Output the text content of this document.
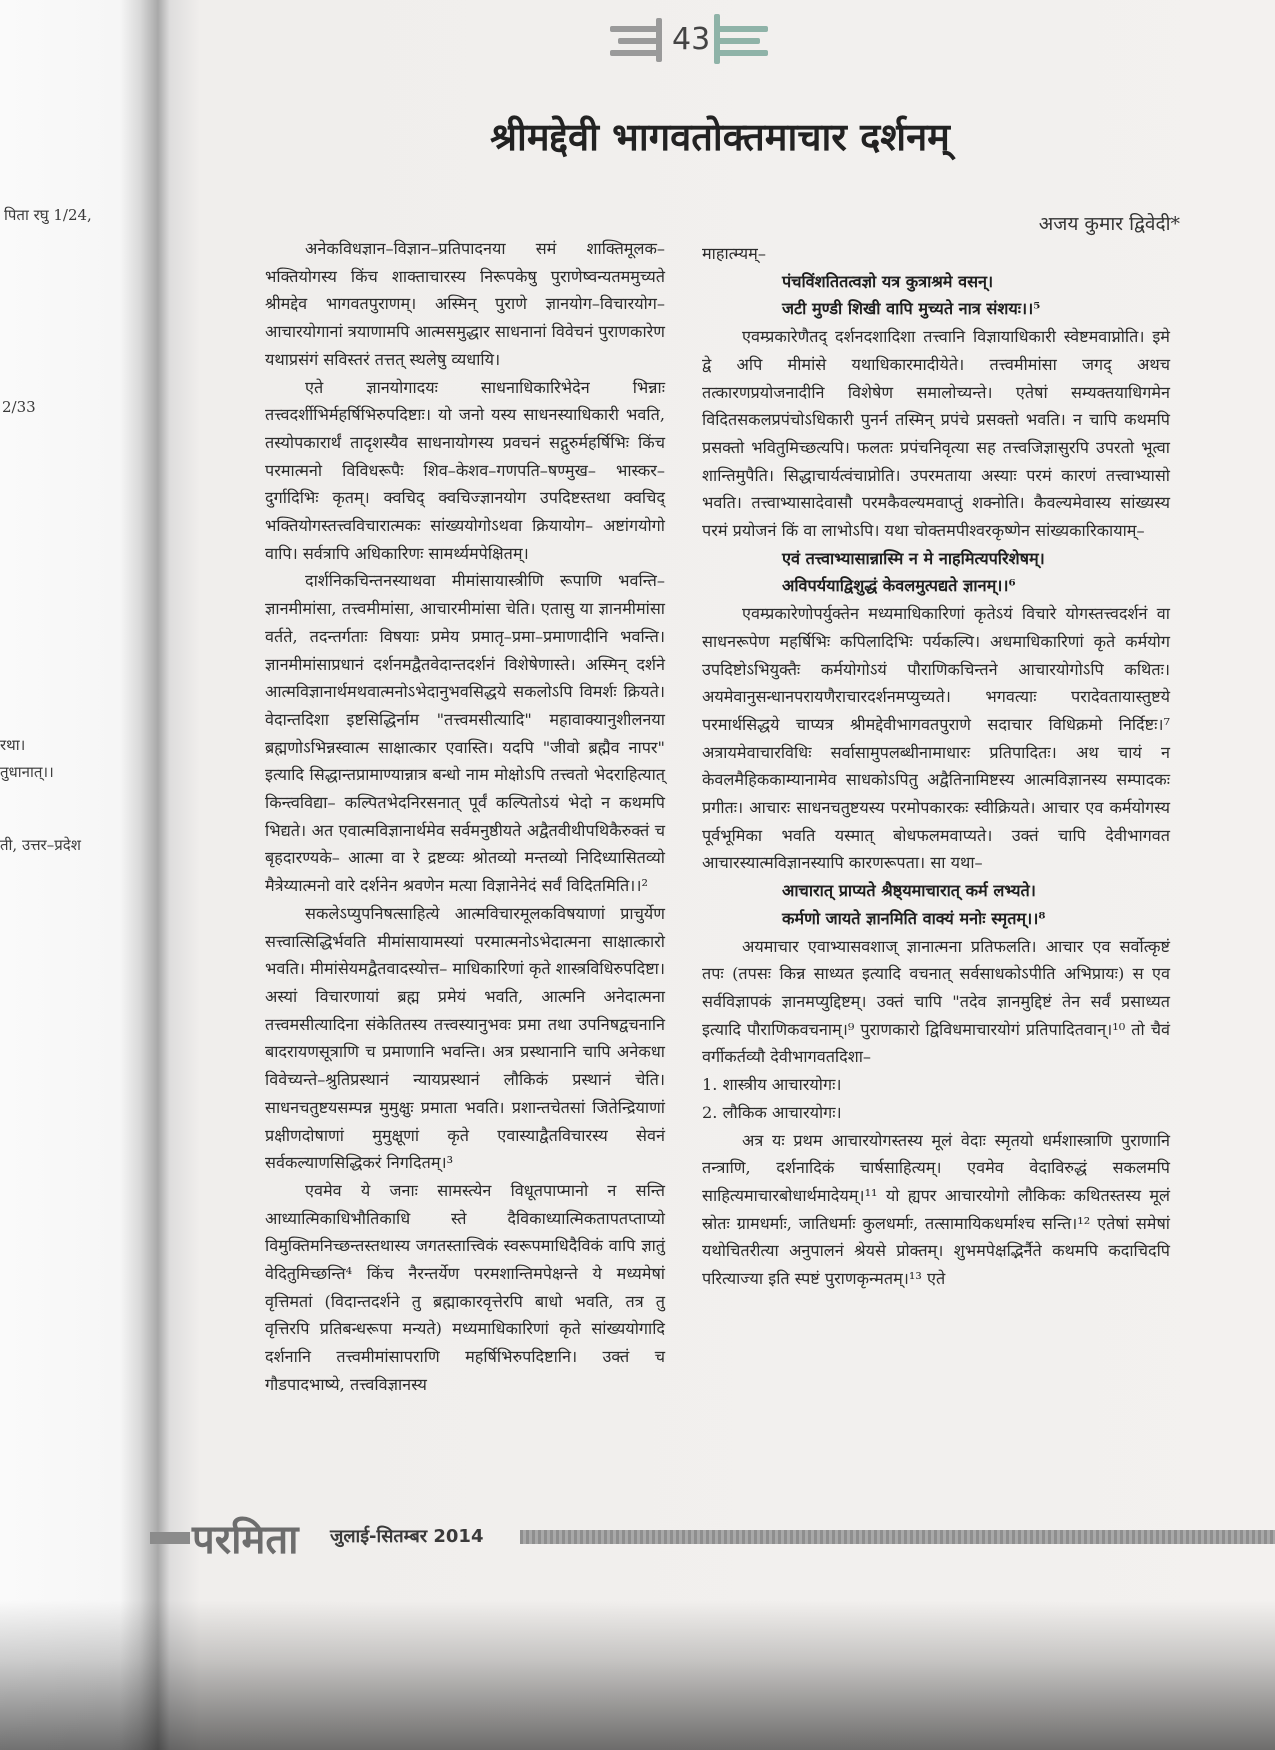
पिता रघु 1/24,
2/33
रथा।
तुधानात्।।
ती, उत्तर–प्रदेश
43
श्रीमद्देवी भागवतोक्तमाचार दर्शनम्
अजय कुमार द्विवेदी*

अनेकविधज्ञान–विज्ञान–प्रतिपादनया समं शाक्तिमूलक– भक्तियोगस्य किंच शाक्ताचारस्य निरूपकेषु पुराणेष्वन्यतममुच्यते श्रीमद्देव भागवतपुराणम्। अस्मिन् पुराणे ज्ञानयोग–विचारयोग–आचारयोगानां त्रयाणामपि आत्मसमुद्धार साधनानां विवेचनं पुराणकारेण यथाप्रसंगं सविस्तरं तत्तत् स्थलेषु व्यधायि।

एते ज्ञानयोगादयः साधनाधिकारिभेदेन भिन्नाः तत्त्वदर्शीभिर्महर्षिभिरुपदिष्टाः। यो जनो यस्य साधनस्याधिकारी भवति, तस्योपकारार्थं तादृशस्यैव साधनायोगस्य प्रवचनं सद्गुरुर्महर्षिभिः किंच परमात्मनो विविधरूपैः शिव–केशव–गणपति–षण्मुख– भास्कर–दुर्गादिभिः कृतम्। क्वचिद् क्वचिज्ज्ञानयोग उपदिष्टस्तथा क्वचिद् भक्तियोगस्तत्त्वविचारात्मकः सांख्ययोगोऽथवा क्रियायोग– अष्टांगयोगो वापि। सर्वत्रापि अधिकारिणः सामर्थ्यमपेक्षितम्।

दार्शनिकचिन्तनस्याथवा मीमांसायास्त्रीणि रूपाणि भवन्ति– ज्ञानमीमांसा, तत्त्वमीमांसा, आचारमीमांसा चेति। एतासु या ज्ञानमीमांसा वर्तते, तदन्तर्गताः विषयाः प्रमेय प्रमातृ–प्रमा–प्रमाणादीनि भवन्ति। ज्ञानमीमांसाप्रधानं दर्शनमद्वैतवेदान्तदर्शनं विशेषेणास्ते। अस्मिन् दर्शने आत्मविज्ञानार्थमथवात्मनोऽभेदानुभवसिद्धये सकलोऽपि विमर्शः क्रियते। वेदान्तदिशा इष्टसिद्धिर्नाम "तत्त्वमसीत्यादि" महावाक्यानुशीलनया ब्रह्मणोऽभिन्नस्वात्म साक्षात्कार एवास्ति। यदपि "जीवो ब्रह्मैव नापर" इत्यादि सिद्धान्तप्रामाण्यान्नात्र बन्धो नाम मोक्षोऽपि तत्त्वतो भेदराहित्यात् किन्त्वविद्या– कल्पितभेदनिरसनात् पूर्वं कल्पितोऽयं भेदो न कथमपि भिद्यते। अत एवात्मविज्ञानार्थमेव सर्वमनुष्ठीयते अद्वैतवीथीपथिकैरुक्तं च बृहदारण्यके– आत्मा वा रे द्रष्टव्यः श्रोतव्यो मन्तव्यो निदिध्यासितव्यो मैत्रेय्यात्मनो वारे दर्शनेन श्रवणेन मत्या विज्ञानेनेदं सर्वं विदितमिति।।²

सकलेऽप्युपनिषत्साहित्ये आत्मविचारमूलकविषयाणां प्राचुर्येण सत्त्वात्सिद्धिर्भवति मीमांसायामस्यां परमात्मनोऽभेदात्मना साक्षात्कारो भवति। मीमांसेयमद्वैतवादस्योत्त– माधिकारिणां कृते शास्त्रविधिरुपदिष्टा। अस्यां विचारणायां ब्रह्म प्रमेयं भवति, आत्मनि अनेदात्मना तत्त्वमसीत्यादिना संकेतितस्य तत्त्वस्यानुभवः प्रमा तथा उपनिषद्वचनानि बादरायणसूत्राणि च प्रमाणानि भवन्ति। अत्र प्रस्थानानि चापि अनेकधा विवेच्यन्ते–श्रुतिप्रस्थानं न्यायप्रस्थानं लौकिकं प्रस्थानं चेति। साधनचतुष्टयसम्पन्न मुमुक्षुः प्रमाता भवति। प्रशान्तचेतसां जितेन्द्रियाणां प्रक्षीणदोषाणां मुमुक्षूणां कृते एवास्याद्वैतविचारस्य सेवनं सर्वकल्याणसिद्धिकरं निगदितम्।³

एवमेव ये जनाः सामस्त्येन विधूतपाप्मानो न सन्ति आध्यात्मिकाधिभौतिकाधि स्ते दैविकाध्यात्मिकतापतप्ताप्यो विमुक्तिमनिच्छन्तस्तथास्य जगतस्तात्त्विकं स्वरूपमाधिदैविकं वापि ज्ञातुं वेदितुमिच्छन्ति⁴ किंच नैरन्तर्येण परमशान्तिमपेक्षन्ते ये मध्यमेषां वृत्तिमतां (विदान्तदर्शने तु ब्रह्माकारवृत्तेरपि बाधो भवति, तत्र तु वृत्तिरपि प्रतिबन्धरूपा मन्यते) मध्यमाधिकारिणां कृते सांख्ययोगादि दर्शनानि तत्त्वमीमांसापराणि महर्षिभिरुपदिष्टानि। उक्तं च गौडपादभाष्ये, तत्त्वविज्ञानस्य

माहात्म्यम्–

पंचविंशतितत्वज्ञो यत्र कुत्राश्रमे वसन्।

जटी मुण्डी शिखी वापि मुच्यते नात्र संशयः।।⁵

एवम्प्रकारेणैतद् दर्शनदशादिशा तत्त्वानि विज्ञायाधिकारी स्वेष्टमवाप्नोति। इमे द्वे अपि मीमांसे यथाधिकारमादीयेते। तत्त्वमीमांसा जगद् अथच तत्कारणप्रयोजनादीनि विशेषेण समालोच्यन्ते। एतेषां सम्यक्तयाधिगमेन विदितसकलप्रपंचोऽधिकारी पुनर्न तस्मिन् प्रपंचे प्रसक्तो भवति। न चापि कथमपि प्रसक्तो भवितुमिच्छत्यपि। फलतः प्रपंचनिवृत्या सह तत्त्वजिज्ञासुरपि उपरतो भूत्वा शान्तिमुपैति। सिद्धाचार्यत्वंचाप्नोति। उपरमताया अस्याः परमं कारणं तत्त्वाभ्यासो भवति। तत्त्वाभ्यासादेवासौ परमकैवल्यमवाप्तुं शक्नोति। कैवल्यमेवास्य सांख्यस्य परमं प्रयोजनं किं वा लाभोऽपि। यथा चोक्तमपीश्वरकृष्णेन सांख्यकारिकायाम्–

एवं तत्त्वाभ्यासान्नास्मि न मे नाहमित्यपरिशेषम्।

अविपर्ययाद्विशुद्धं केवलमुत्पद्यते ज्ञानम्।।⁶

एवम्प्रकारेणोपर्युक्तेन मध्यमाधिकारिणां कृतेऽयं विचारे योगस्तत्त्वदर्शनं वा साधनरूपेण महर्षिभिः कपिलादिभिः पर्यकल्पि। अधमाधिकारिणां कृते कर्मयोग उपदिष्टोऽभियुक्तैः कर्मयोगोऽयं पौराणिकचिन्तने आचारयोगोऽपि कथितः। अयमेवानुसन्धानपरायणैराचारदर्शनमप्युच्यते। भगवत्याः परादेवतायास्तुष्टये परमार्थसिद्धये चाप्यत्र श्रीमद्देवीभागवतपुराणे सदाचार विधिक्रमो निर्दिष्टः।⁷ अत्रायमेवाचारविधिः सर्वासामुपलब्धीनामाधारः प्रतिपादितः। अथ चायं न केवलमैहिककाम्यानामेव साधकोऽपितु अद्वैतिनामिष्टस्य आत्मविज्ञानस्य सम्पादकः प्रगीतः। आचारः साधनचतुष्टयस्य परमोपकारकः स्वीक्रियते। आचार एव कर्मयोगस्य पूर्वभूमिका भवति यस्मात् बोधफलमवाप्यते। उक्तं चापि देवीभागवत आचारस्यात्मविज्ञानस्यापि कारणरूपता। सा यथा–

आचारात् प्राप्यते श्रैष्ठ्यमाचारात् कर्म लभ्यते।

कर्मणो जायते ज्ञानमिति वाक्यं मनोः स्मृतम्।।⁸

अयमाचार एवाभ्यासवशाज् ज्ञानात्मना प्रतिफलति। आचार एव सर्वोत्कृष्टं तपः (तपसः किन्न साध्यत इत्यादि वचनात् सर्वसाधकोऽपीति अभिप्रायः) स एव सर्वविज्ञापकं ज्ञानमप्युद्दिष्टम्। उक्तं चापि "तदेव ज्ञानमुद्दिष्टं तेन सर्वं प्रसाध्यत इत्यादि पौराणिकवचनाम्।⁹ पुराणकारो द्विविधमाचारयोगं प्रतिपादितवान्।¹⁰ तो चैवं वर्गीकर्तव्यौ देवीभागवतदिशा–

1. शास्त्रीय आचारयोगः।

2. लौकिक आचारयोगः।

अत्र यः प्रथम आचारयोगस्तस्य मूलं वेदाः स्मृतयो धर्मशास्त्राणि पुराणानि तन्त्राणि, दर्शनादिकं चार्षसाहित्यम्। एवमेव वेदाविरुद्धं सकलमपि साहित्यमाचारबोधार्थमादेयम्।¹¹ यो ह्यपर आचारयोगो लौकिकः कथितस्तस्य मूलं स्रोतः ग्रामधर्माः, जातिधर्माः कुलधर्माः, तत्सामायिकधर्माश्च सन्ति।¹² एतेषां समेषां यथोचितरीत्या अनुपालनं श्रेयसे प्रोक्तम्। शुभमपेक्षद्भिर्नैते कथमपि कदाचिदपि परित्याज्या इति स्पष्टं पुराणकृन्मतम्।¹³ एते

परमिता जुलाई-सितम्बर 2014
